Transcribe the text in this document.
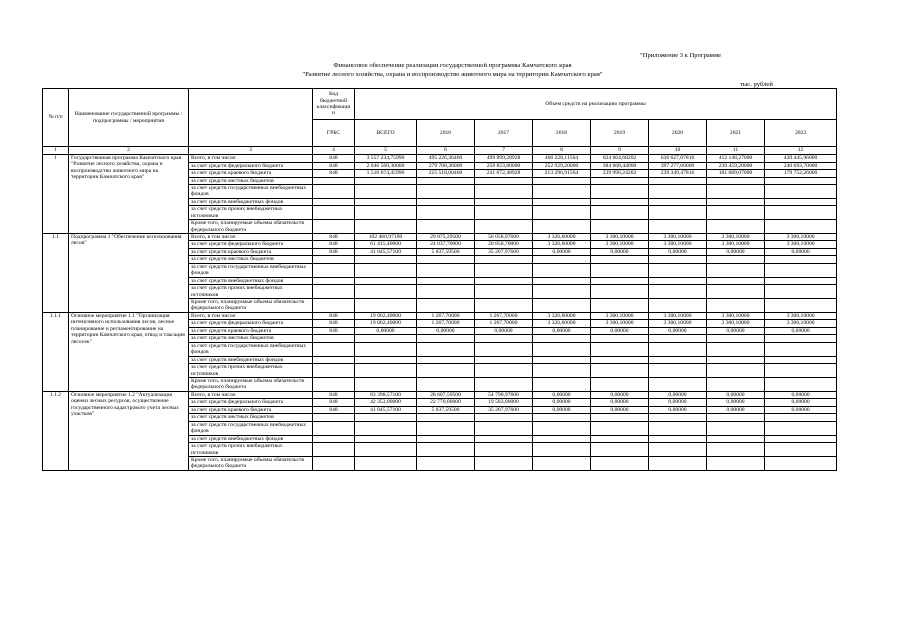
"Приложение 3 к Программе
Финансовое обеспечение реализации государственной программы Камчатского края
"Развитие лесного хозяйства, охрана и воспроизводство животного мира на территории Камчатского края"
тыс. рублей
№ п/п	Наименование государственной программы / подпрограммы / мероприятия		Код бюджетной классификаци и	Объем средств на реализацию программы							
			ГРБС	ВСЕГО	2016	2017	2018	2019	2020	2021	2022
1	2	3	4	5	6	7	8	9	10	11	12
1	Государственная программа Камчатского края "Развитие лесного хозяйства, охрана и воспроизводство животного мира на территории Камчатского края"	Всего, в том числе:	848	3 557 234,75990	495 226,36460	499 899,28928	466 226,11564	624 664,68202	636 627,07816	412 148,27000	420 445,96000
		за счет средств федерального бюджета	848	2 046 560,30000	279 708,36000	258 823,80000	252 929,20000	384 668,44000	397 277,60000	230 459,20000	240 693,70000
		за счет средств краевого бюджета	848	1 510 674,45990	215 518,00460	241 072,48928	213 296,91564	239 996,24202	239 349,47816	181 689,07000	179 752,26000
		за счет средств местных бюджетов									
		за счет средств государственных внебюджетных фондов									
		за счет средств внебюджетных фондов									
		за счет средств прочих внебюджетных источников									
		Кроме того, планируемые объемы обязательств федерального бюджета									
1.1	Подпрограмма 1 "Обеспечение использования лесов"	Всего, в том числе:	848	102 460,97100	29 875,29500	56 058,97600	3 326,60000	3 300,10000	3 300,10000	3 300,10000	3 300,10000
		за счет средств федерального бюджета	848	61 415,40000	24 037,70000	20 850,70000	3 326,60000	3 300,10000	3 300,10000	3 300,10000	3 300,10000
		за счет средств краевого бюджета	848	41 045,57100	5 837,59500	35 207,97600	0,00000	0,00000	0,00000	0,00000	0,00000
		за счет средств местных бюджетов									
		за счет средств государственных внебюджетных фондов									
		за счет средств внебюджетных фондов									
		за счет средств прочих внебюджетных источников									
		Кроме того, планируемые объемы обязательств федерального бюджета									
1.1.1	Основное мероприятие 1.1 "Организация интенсивного использования лесов, лесное планирование и регламентирование на территории Камчатского края, отвод и таксация лесосек"	Всего, в том числе:	848	19 062,40000	1 267,70000	1 267,70000	3 326,60000	3 300,10000	3 300,10000	3 300,10000	3 300,10000
		за счет средств федерального бюджета	848	19 062,40000	1 267,70000	1 267,70000	3 326,60000	3 300,10000	3 300,10000	3 300,10000	3 300,10000
		за счет средств краевого бюджета	848	0,00000	0,00000	0,00000	0,00000	0,00000	0,00000	0,00000	0,00000
		за счет средств местных бюджетов									
		за счет средств государственных внебюджетных фондов									
		за счет средств внебюджетных фондов									
		за счет средств прочих внебюджетных источников									
		Кроме того, планируемые объемы обязательств федерального бюджета									
1.1.2	Основное мероприятие 1.2 "Актуализация оценки лесных ресурсов, осуществление государственного кадастрового учета лесных участков"	Всего, в том числе:	848	83 398,57100	28 607,59500	54 790,97600	0,00000	0,00000	0,00000	0,00000	0,00000
		за счет средств федерального бюджета	848	42 353,00000	22 770,00000	19 583,00000	0,00000	0,00000	0,00000	0,00000	0,00000
		за счет средств краевого бюджета	848	41 045,57100	5 837,59500	35 207,97600	0,00000	0,00000	0,00000	0,00000	0,00000
		за счет средств местных бюджетов									
		за счет средств государственных внебюджетных фондов									
		за счет средств внебюджетных фондов									
		за счет средств прочих внебюджетных источников									
		Кроме того, планируемые объемы обязательств федерального бюджета									
